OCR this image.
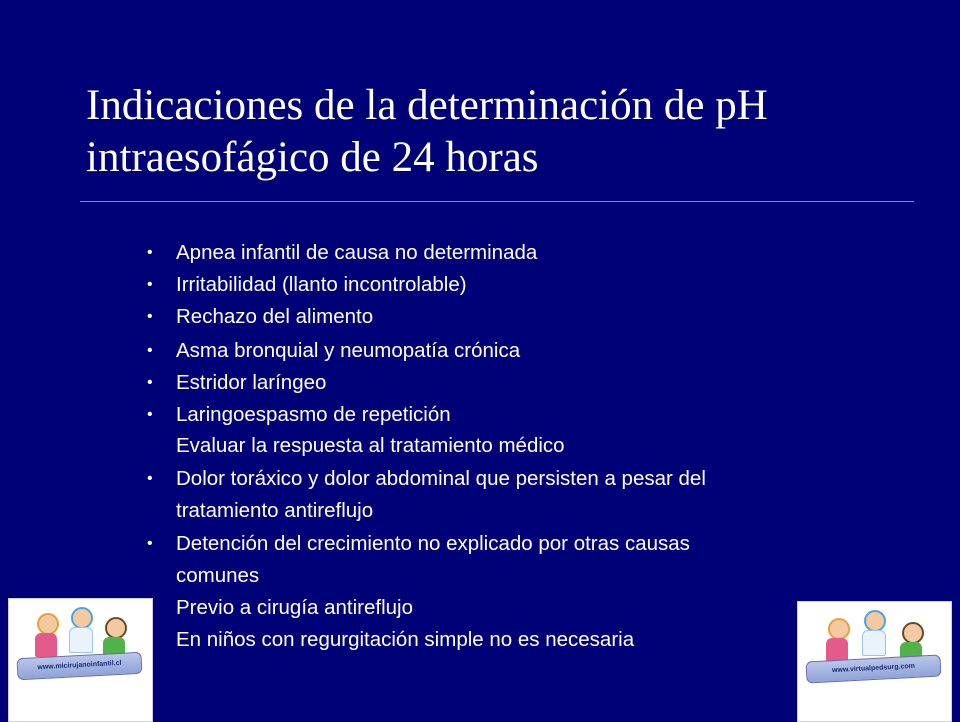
Indicaciones de la determinación de pH
intraesofágico de 24 horas
• Apnea infantil de causa no determinada
• Irritabilidad (llanto incontrolable)
• Rechazo del alimento
• Asma bronquial y neumopatía crónica
• Estridor laríngeo
• Laringoespasmo de repetición
Evaluar la respuesta al tratamiento médico
• Dolor toráxico y dolor abdominal que persisten a pesar del
tratamiento antireflujo
• Detención del crecimiento no explicado por otras causas
comunes
Previo a cirugía antireflujo
En niños con regurgitación simple no es necesaria
www.micirujanoinfantil.cl	www.virtualpedsurg.com
